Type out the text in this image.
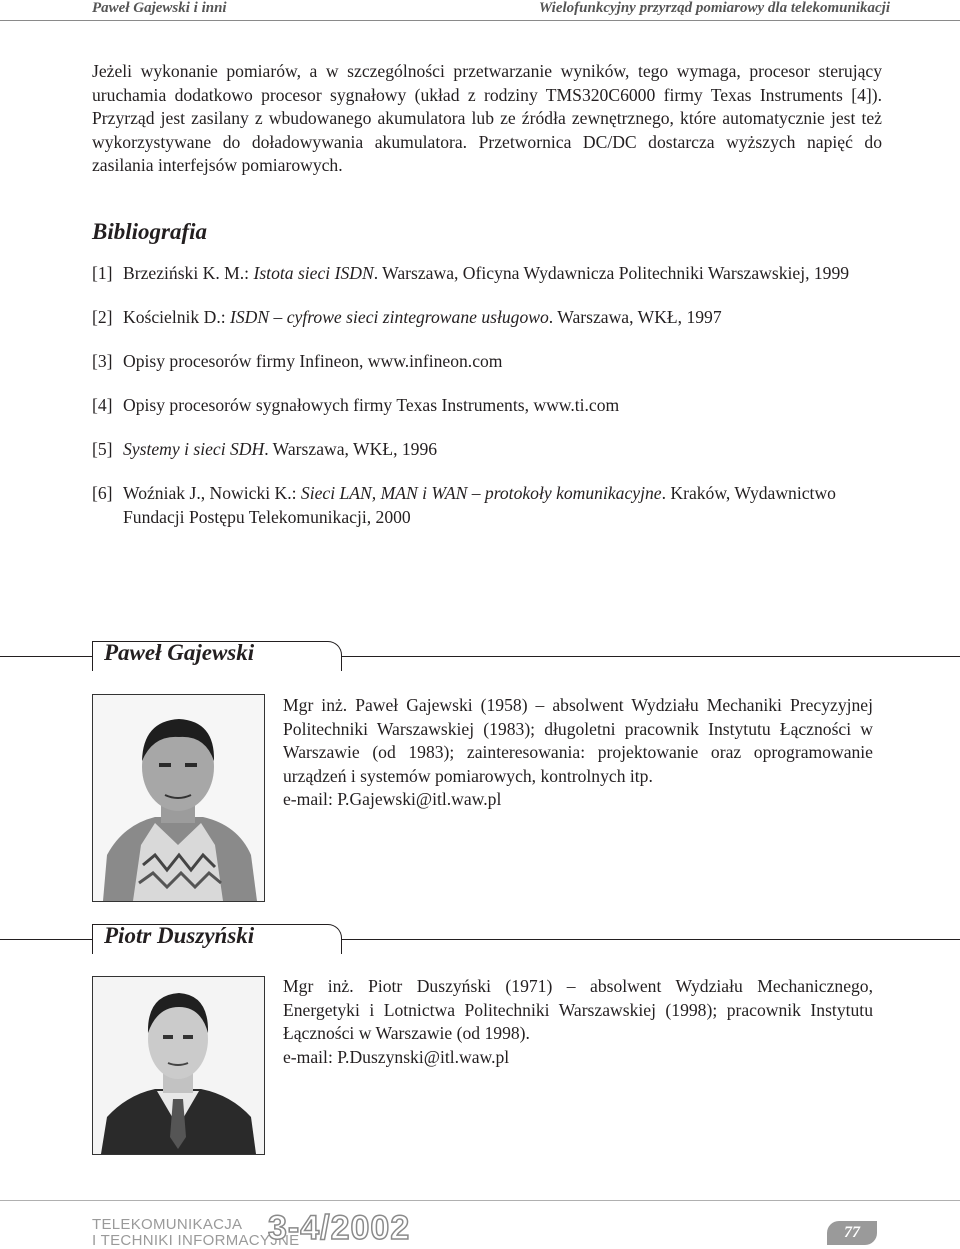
Paweł Gajewski i inni	Wielofunkcyjny przyrząd pomiarowy dla telekomunikacji

Jeżeli wykonanie pomiarów, a w szczególności przetwarzanie wyników, tego wymaga, procesor sterujący uruchamia dodatkowo procesor sygnałowy (układ z rodziny TMS320C6000 firmy Texas Instruments [4]). Przyrząd jest zasilany z wbudowanego akumulatora lub ze źródła zewnętrznego, które automatycznie jest też wykorzystywane do doładowywania akumulatora. Przetwornica DC/DC dostarcza wyższych napięć do zasilania interfejsów pomiarowych.

Bibliografia
[1] Brzeziński K. M.: Istota sieci ISDN. Warszawa, Oficyna Wydawnicza Politechniki Warszawskiej, 1999
[2] Kościelnik D.: ISDN – cyfrowe sieci zintegrowane usługowo. Warszawa, WKŁ, 1997
[3] Opisy procesorów firmy Infineon, www.infineon.com
[4] Opisy procesorów sygnałowych firmy Texas Instruments, www.ti.com
[5] Systemy i sieci SDH. Warszawa, WKŁ, 1996
[6] Woźniak J., Nowicki K.: Sieci LAN, MAN i WAN – protokoły komunikacyjne. Kraków, Wydawnictwo Fundacji Postępu Telekomunikacji, 2000
Paweł Gajewski

Mgr inż. Paweł Gajewski (1958) – absolwent Wydziału Mechaniki Precyzyjnej Politechniki Warszawskiej (1983); długoletni pracownik Instytutu Łączności w Warszawie (od 1983); zainteresowania: projektowanie oraz oprogramowanie urządzeń i systemów pomiarowych, kontrolnych itp.

e-mail: P.Gajewski@itl.waw.pl

Piotr Duszyński

Mgr inż. Piotr Duszyński (1971) – absolwent Wydziału Mechanicznego, Energetyki i Lotnictwa Politechniki Warszawskiej (1998); pracownik Instytutu Łączności w Warszawie (od 1998).

e-mail: P.Duszynski@itl.waw.pl

TELEKOMUNIKACJA
I TECHNIKI INFORMACYJNE
3-4/2002	77
